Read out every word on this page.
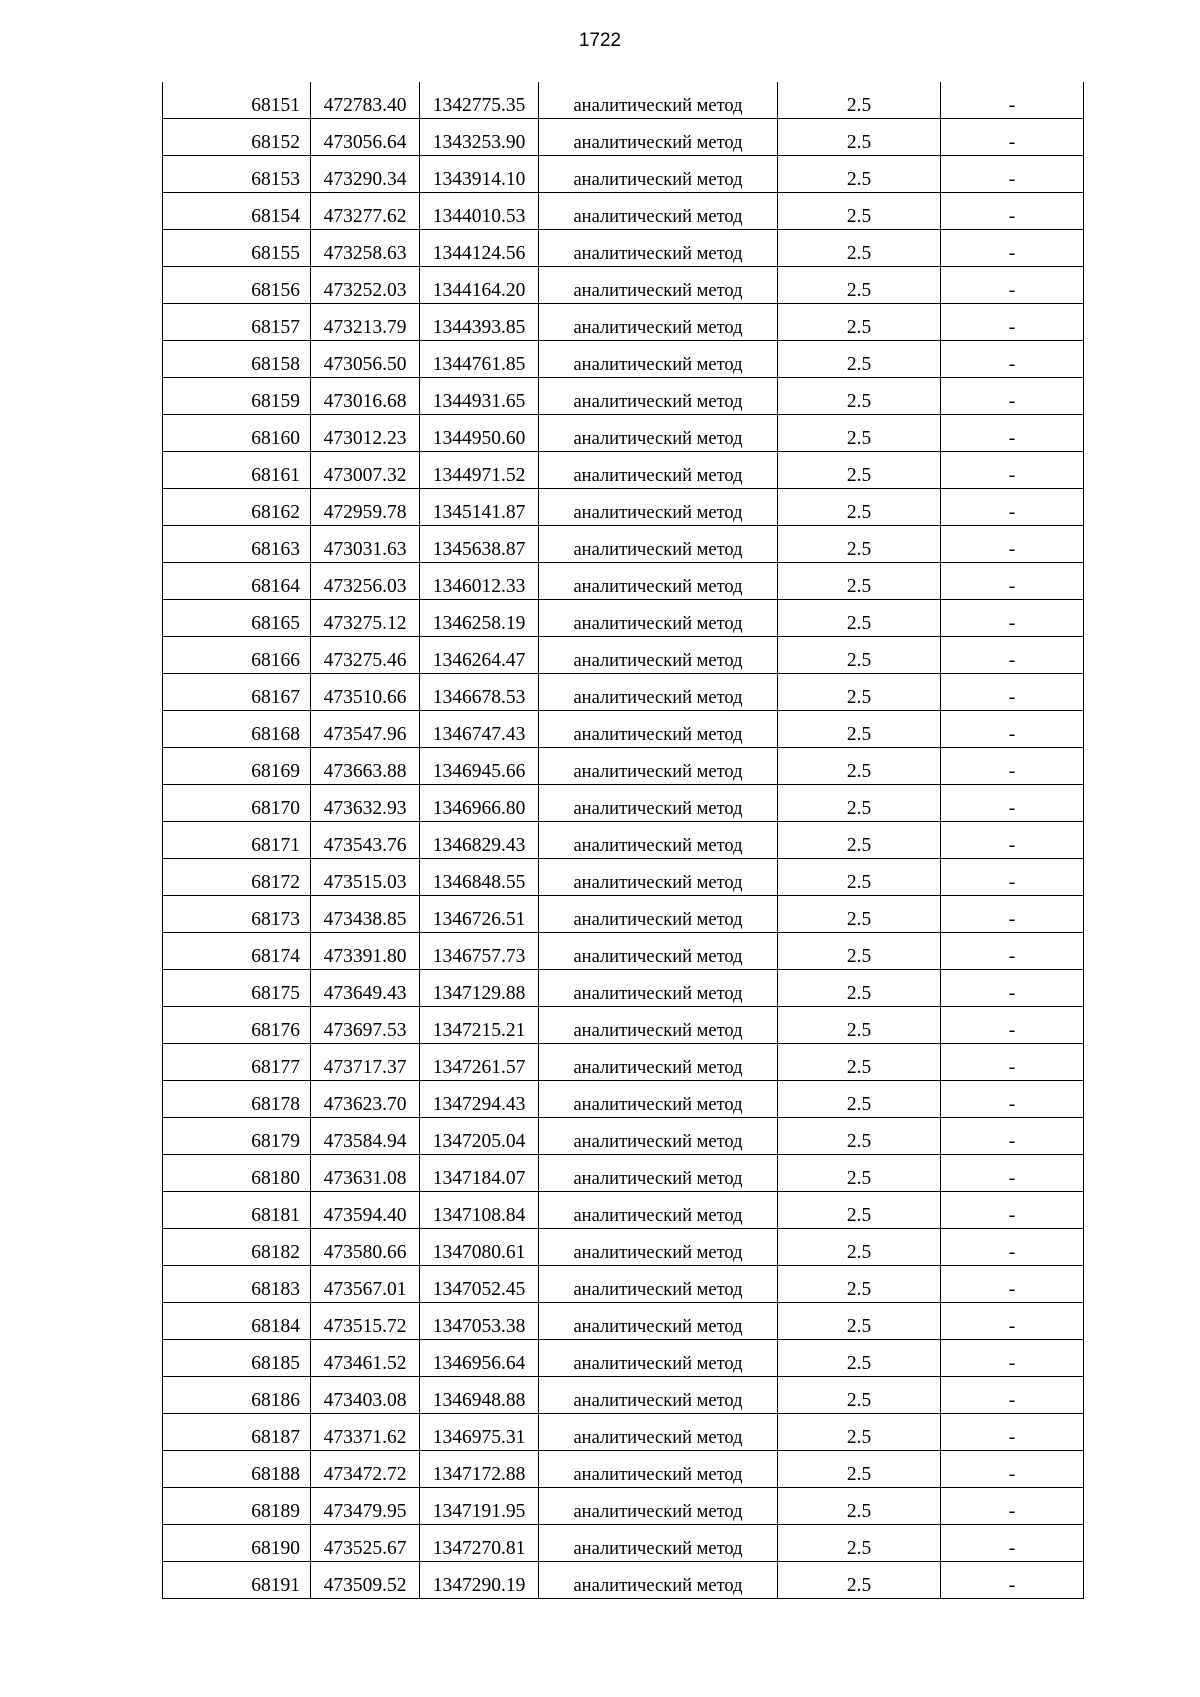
1722
68151	472783.40	1342775.35	аналитический метод	2.5	-

68152	473056.64	1343253.90	аналитический метод	2.5	-

68153	473290.34	1343914.10	аналитический метод	2.5	-

68154	473277.62	1344010.53	аналитический метод	2.5	-

68155	473258.63	1344124.56	аналитический метод	2.5	-

68156	473252.03	1344164.20	аналитический метод	2.5	-

68157	473213.79	1344393.85	аналитический метод	2.5	-

68158	473056.50	1344761.85	аналитический метод	2.5	-

68159	473016.68	1344931.65	аналитический метод	2.5	-

68160	473012.23	1344950.60	аналитический метод	2.5	-

68161	473007.32	1344971.52	аналитический метод	2.5	-

68162	472959.78	1345141.87	аналитический метод	2.5	-

68163	473031.63	1345638.87	аналитический метод	2.5	-

68164	473256.03	1346012.33	аналитический метод	2.5	-

68165	473275.12	1346258.19	аналитический метод	2.5	-

68166	473275.46	1346264.47	аналитический метод	2.5	-

68167	473510.66	1346678.53	аналитический метод	2.5	-

68168	473547.96	1346747.43	аналитический метод	2.5	-

68169	473663.88	1346945.66	аналитический метод	2.5	-

68170	473632.93	1346966.80	аналитический метод	2.5	-

68171	473543.76	1346829.43	аналитический метод	2.5	-

68172	473515.03	1346848.55	аналитический метод	2.5	-

68173	473438.85	1346726.51	аналитический метод	2.5	-

68174	473391.80	1346757.73	аналитический метод	2.5	-

68175	473649.43	1347129.88	аналитический метод	2.5	-

68176	473697.53	1347215.21	аналитический метод	2.5	-

68177	473717.37	1347261.57	аналитический метод	2.5	-

68178	473623.70	1347294.43	аналитический метод	2.5	-

68179	473584.94	1347205.04	аналитический метод	2.5	-

68180	473631.08	1347184.07	аналитический метод	2.5	-

68181	473594.40	1347108.84	аналитический метод	2.5	-

68182	473580.66	1347080.61	аналитический метод	2.5	-

68183	473567.01	1347052.45	аналитический метод	2.5	-

68184	473515.72	1347053.38	аналитический метод	2.5	-

68185	473461.52	1346956.64	аналитический метод	2.5	-

68186	473403.08	1346948.88	аналитический метод	2.5	-

68187	473371.62	1346975.31	аналитический метод	2.5	-

68188	473472.72	1347172.88	аналитический метод	2.5	-

68189	473479.95	1347191.95	аналитический метод	2.5	-

68190	473525.67	1347270.81	аналитический метод	2.5	-

68191	473509.52	1347290.19	аналитический метод	2.5	-
